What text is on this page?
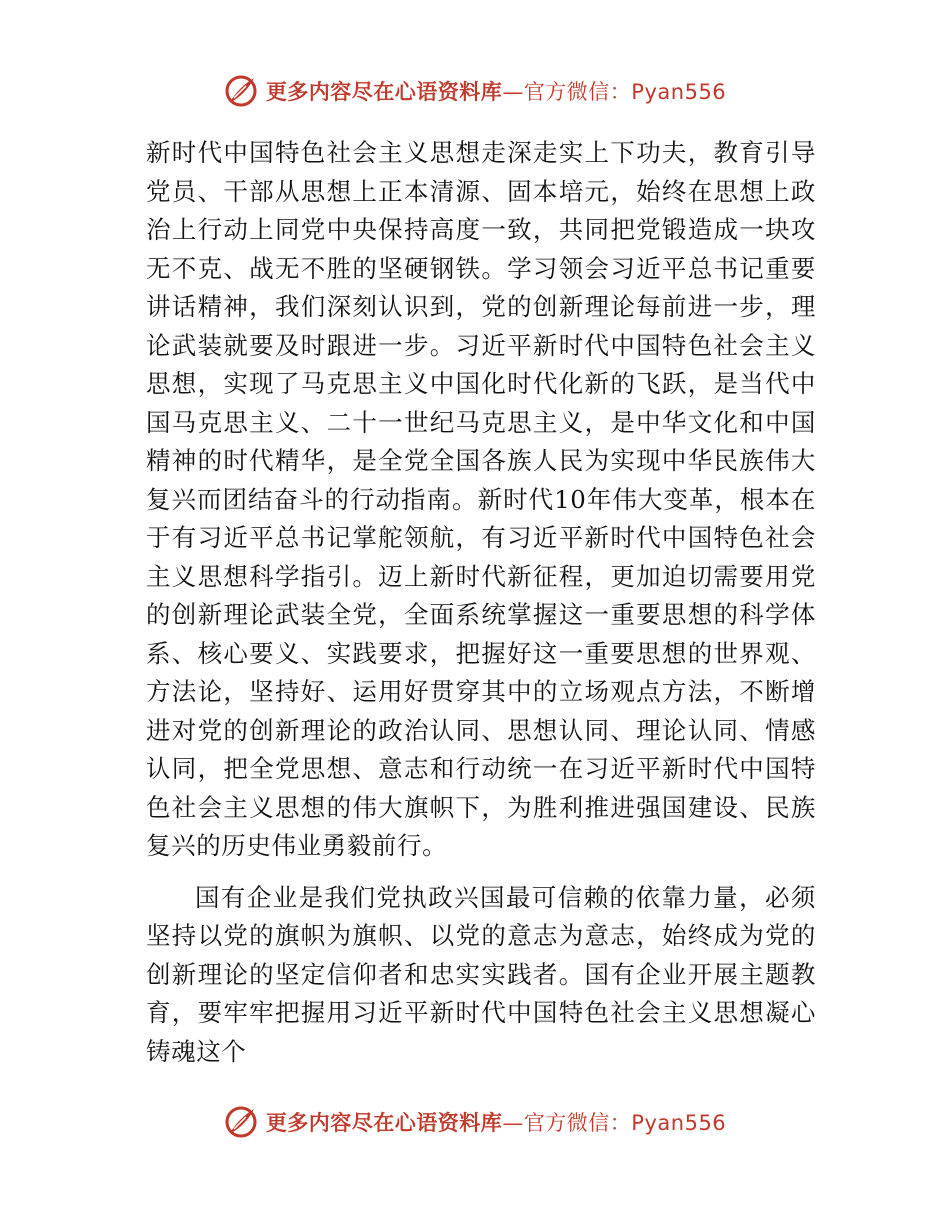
更多内容尽在心语资料库—官方微信：Pyan556

新时代中国特色社会主义思想走深走实上下功夫，教育引导党员、干部从思想上正本清源、固本培元，始终在思想上政治上行动上同党中央保持高度一致，共同把党锻造成一块攻无不克、战无不胜的坚硬钢铁。学习领会习近平总书记重要讲话精神，我们深刻认识到，党的创新理论每前进一步，理论武装就要及时跟进一步。习近平新时代中国特色社会主义思想，实现了马克思主义中国化时代化新的飞跃，是当代中国马克思主义、二十一世纪马克思主义，是中华文化和中国精神的时代精华，是全党全国各族人民为实现中华民族伟大复兴而团结奋斗的行动指南。新时代10年伟大变革，根本在于有习近平总书记掌舵领航，有习近平新时代中国特色社会主义思想科学指引。迈上新时代新征程，更加迫切需要用党的创新理论武装全党，全面系统掌握这一重要思想的科学体系、核心要义、实践要求，把握好这一重要思想的世界观、方法论，坚持好、运用好贯穿其中的立场观点方法，不断增进对党的创新理论的政治认同、思想认同、理论认同、情感认同，把全党思想、意志和行动统一在习近平新时代中国特色社会主义思想的伟大旗帜下，为胜利推进强国建设、民族复兴的历史伟业勇毅前行。

国有企业是我们党执政兴国最可信赖的依靠力量，必须坚持以党的旗帜为旗帜、以党的意志为意志，始终成为党的创新理论的坚定信仰者和忠实实践者。国有企业开展主题教育，要牢牢把握用习近平新时代中国特色社会主义思想凝心铸魂这个

更多内容尽在心语资料库—官方微信：Pyan556
